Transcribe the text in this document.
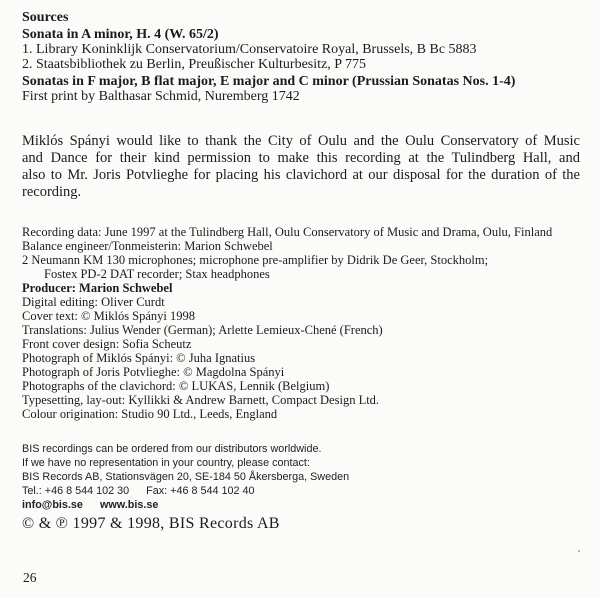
Sources
Sonata in A minor, H. 4 (W. 65/2)
1. Library Koninklijk Conservatorium/Conservatoire Royal, Brussels, B Bc 5883
2. Staatsbibliothek zu Berlin, Preußischer Kulturbesitz, P 775
Sonatas in F major, B flat major, E major and C minor (Prussian Sonatas Nos. 1-4)
First print by Balthasar Schmid, Nuremberg 1742
Miklós Spányi would like to thank the City of Oulu and the Oulu Conservatory of Music
and Dance for their kind permission to make this recording at the Tulindberg Hall, and
also to Mr. Joris Potvlieghe for placing his clavichord at our disposal for the duration of the
recording.
Recording data: June 1997 at the Tulindberg Hall, Oulu Conservatory of Music and Drama, Oulu, Finland
Balance engineer/Tonmeisterin: Marion Schwebel
2 Neumann KM 130 microphones; microphone pre-amplifier by Didrik De Geer, Stockholm;
Fostex PD-2 DAT recorder; Stax headphones
Producer: Marion Schwebel
Digital editing: Oliver Curdt
Cover text: © Miklós Spányi 1998
Translations: Julius Wender (German); Arlette Lemieux-Chené (French)
Front cover design: Sofia Scheutz
Photograph of Miklós Spányi: © Juha Ignatius
Photograph of Joris Potvlieghe: © Magdolna Spányi
Photographs of the clavichord: © LUKAS, Lennik (Belgium)
Typesetting, lay-out: Kyllikki & Andrew Barnett, Compact Design Ltd.
Colour origination: Studio 90 Ltd., Leeds, England
BIS recordings can be ordered from our distributors worldwide.
If we have no representation in your country, please contact:
BIS Records AB, Stationsvägen 20, SE-184 50 Åkersberga, Sweden
Tel.: +46 8 544 102 30 Fax: +46 8 544 102 40
info@bis.se www.bis.se
© & ℗ 1997 & 1998, BIS Records AB
26
